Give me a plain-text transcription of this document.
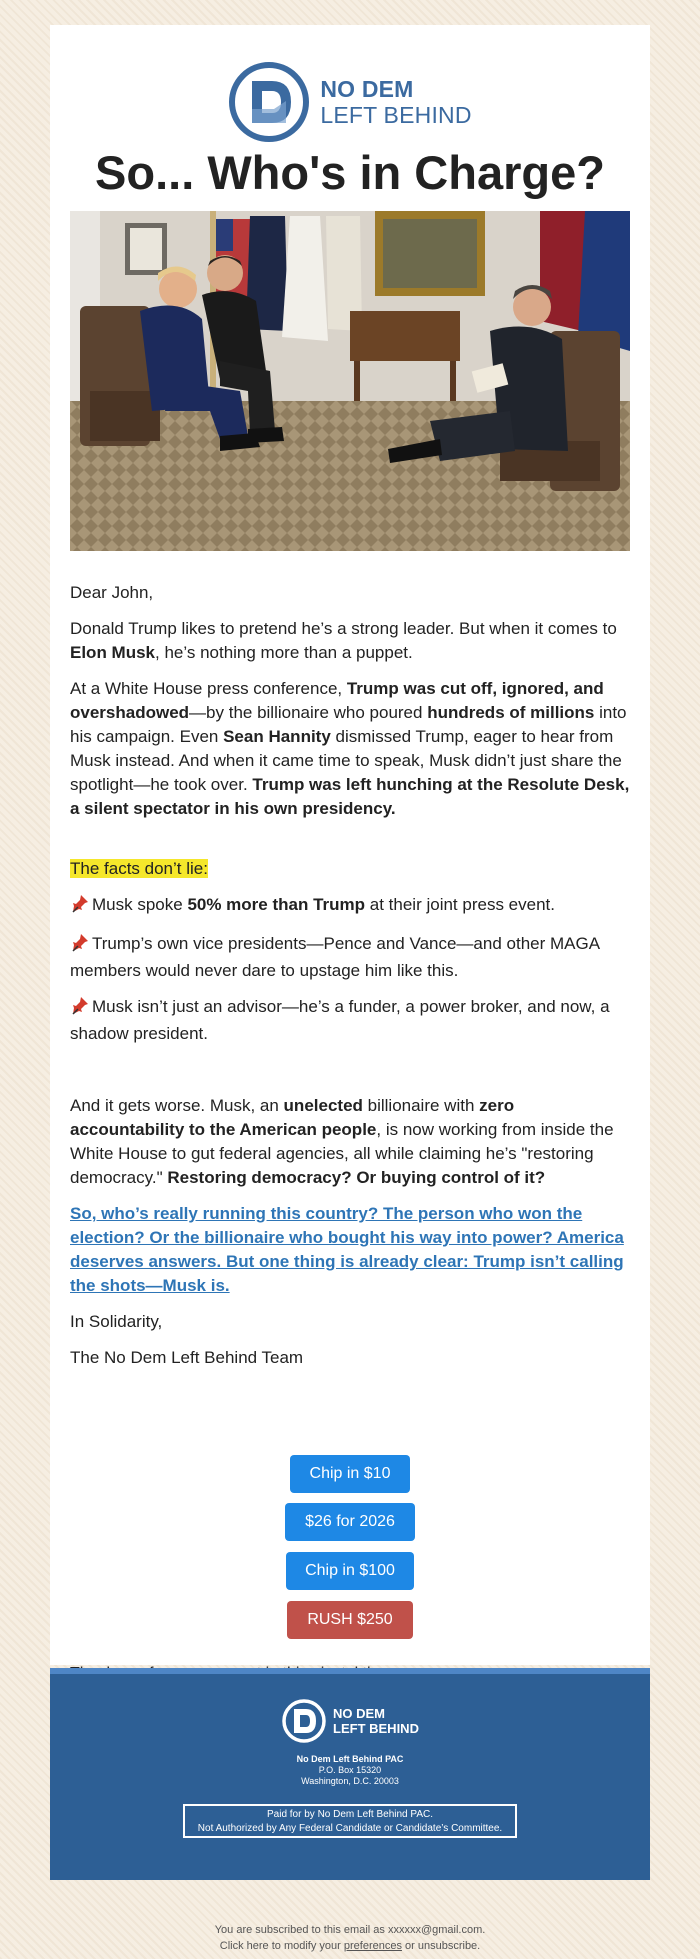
NO DEM
LEFT BEHIND
So... Who's in Charge?

Dear John,

Donald Trump likes to pretend he’s a strong leader. But when it comes to Elon Musk, he’s nothing more than a puppet.

At a White House press conference, Trump was cut off, ignored, and overshadowed—by the billionaire who poured hundreds of millions into his campaign. Even Sean Hannity dismissed Trump, eager to hear from Musk instead. And when it came time to speak, Musk didn’t just share the spotlight—he took over. Trump was left hunching at the Resolute Desk, a silent spectator in his own presidency.

The facts don’t lie:

Musk spoke 50% more than Trump at their joint press event.

Trump’s own vice presidents—Pence and Vance—and other MAGA members would never dare to upstage him like this.

Musk isn’t just an advisor—he’s a funder, a power broker, and now, a shadow president.

And it gets worse. Musk, an unelected billionaire with zero accountability to the American people, is now working from inside the White House to gut federal agencies, all while claiming he’s "restoring democracy." Restoring democracy? Or buying control of it?

So, who’s really running this country? The person who won the election? Or the billionaire who bought his way into power? America deserves answers. But one thing is already clear: Trump isn’t calling the shots—Musk is.

In Solidarity,

The No Dem Left Behind Team

Chip in $10
$26 for 2026
Chip in $100
RUSH $250
NO DEM
LEFT BEHIND
No Dem Left Behind PAC
P.O. Box 15320
Washington, D.C. 20003
Paid for by No Dem Left Behind PAC.
Not Authorized by Any Federal Candidate or Candidate’s Committee.
You are subscribed to this email as xxxxxx@gmail.com.
Click here to modify your preferences or unsubscribe.
